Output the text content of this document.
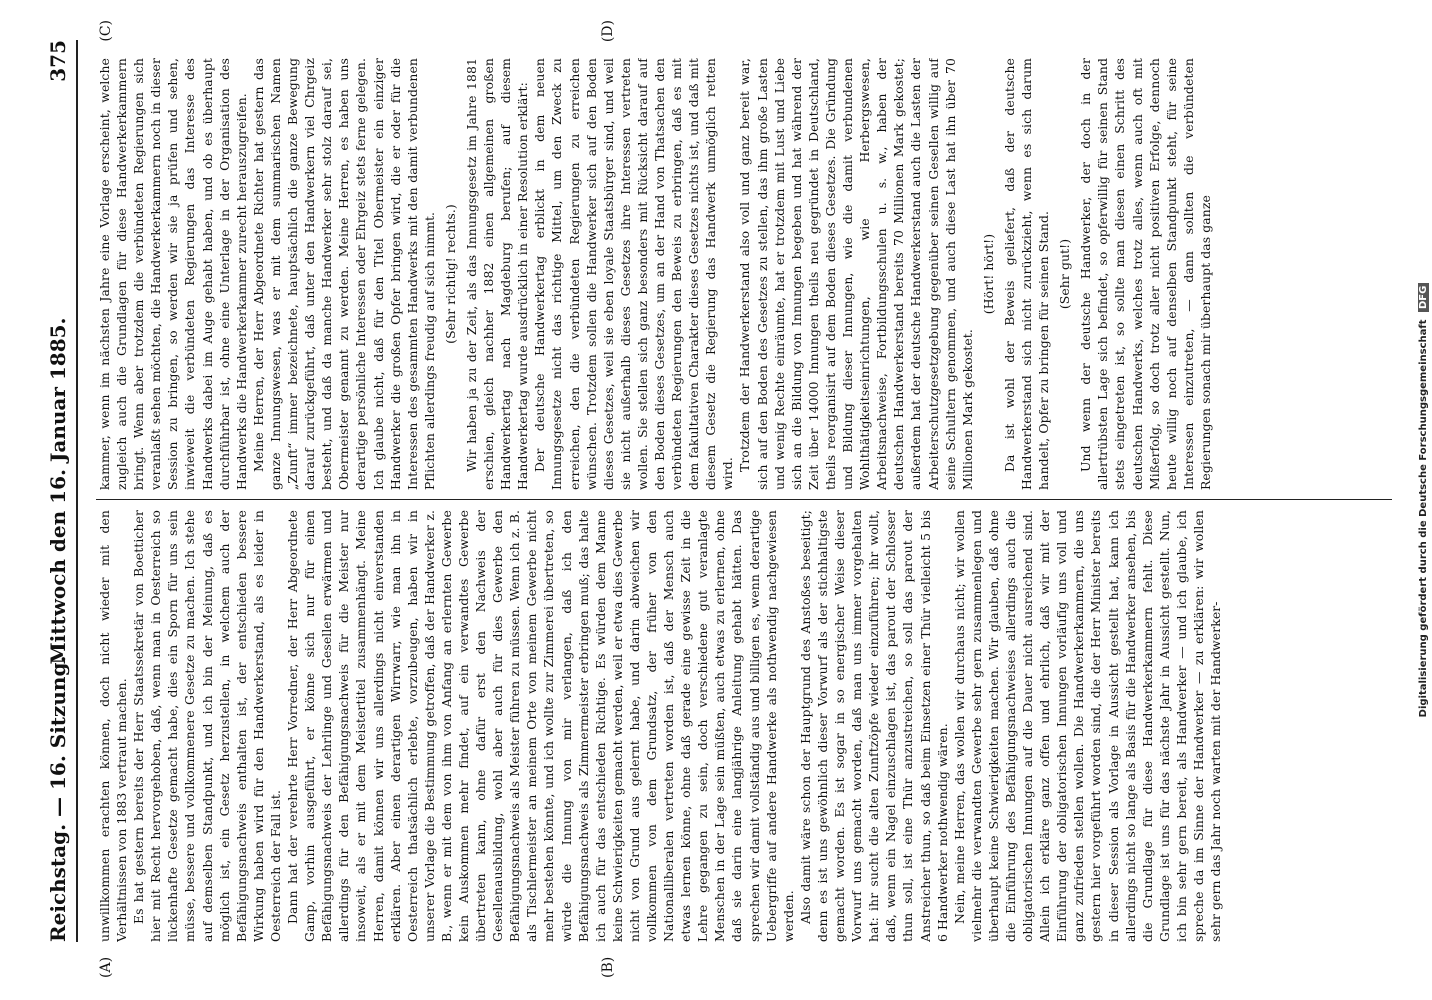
Reichstag. — 16. Sitzung.
Mittwoch den 16. Januar 1885.
375
(A)	(B)
(C)	(D)

unwillkommen erachten können, doch nicht wieder mit den Verhältnissen von 1883 vertraut machen. Es hat gestern bereits der Herr Staatssekretär von Boetticher hier mit Recht hervorgehoben, daß, wenn man in Oesterreich so lückenhafte Gesetze gemacht habe, dies ein Sporn für uns sein müsse, bessere und vollkommenere Gesetze zu machen. Ich stehe auf demselben Standpunkt, und ich bin der Meinung, daß es möglich ist, ein Gesetz herzustellen, in welchem auch der Befähigungsnachweis enthalten ist, der entschieden bessere Wirkung haben wird für den Handwerkerstand, als es leider in Oesterreich der Fall ist. Dann hat der verehrte Herr Vorredner, der Herr Abgeordnete Gamp, vorhin ausgeführt, er könne sich nur für einen Befähigungsnachweis der Lehrlinge und Gesellen erwärmen und allerdings für den Befähigungsnachweis für die Meister nur insoweit, als er mit dem Meistertitel zusammenhängt. Meine Herren, damit können wir uns allerdings nicht einverstanden erklären. Aber einen derartigen Wirrwarr, wie man ihn in Oesterreich thatsächlich erlebte, vorzubeugen, haben wir in unserer Vorlage die Bestimmung getroffen, daß der Handwerker z. B., wenn er mit dem von ihm von Anfang an erlernten Gewerbe kein Auskommen mehr findet, auf ein verwandtes Gewerbe übertreten kann, ohne dafür erst den Nachweis der Gesellenausbildung, wohl aber auch für dies Gewerbe den Befähigungsnachweis als Meister führen zu müssen. Wenn ich z. B. als Tischlermeister an meinem Orte von meinem Gewerbe nicht mehr bestehen könnte, und ich wollte zur Zimmerei übertreten, so würde die Innung von mir verlangen, daß ich den Befähigungsnachweis als Zimmermeister erbringen muß; das halte ich auch für das entschieden Richtige. Es würden dem Manne keine Schwierigkeiten gemacht werden, weil er etwa dies Gewerbe nicht von Grund aus gelernt habe, und darin abweichen wir vollkommen von dem Grundsatz, der früher von den Nationalliberalen vertreten worden ist, daß der Mensch auch etwas lernen könne, ohne daß gerade eine gewisse Zeit in die Lehre gegangen zu sein, doch verschiedene gut veranlagte Menschen in der Lage sein müßten, auch etwas zu erlernen, ohne daß sie darin eine langjährige Anleitung gehabt hätten. Das sprechen wir damit vollständig aus und billigen es, wenn derartige Uebergriffe auf andere Handwerke als nothwendig nachgewiesen werden. Also damit wäre schon der Hauptgrund des Anstoßes beseitigt; denn es ist uns gewöhnlich dieser Vorwurf als der stichhaltigste gemacht worden. Es ist sogar in so energischer Weise dieser Vorwurf uns gemacht worden, daß man uns immer vorgehalten hat: ihr sucht die alten Zunftzöpfe wieder einzuführen; ihr wollt, daß, wenn ein Nagel einzuschlagen ist, das parout der Schlosser thun soll, ist eine Thür anzustreichen, so soll das parout der Anstreicher thun, so daß beim Einsetzen einer Thür vielleicht 5 bis 6 Handwerker nothwendig wären. Nein, meine Herren, das wollen wir durchaus nicht; wir wollen vielmehr die verwandten Gewerbe sehr gern zusammenlegen und überhaupt keine Schwierigkeiten machen. Wir glauben, daß ohne die Einführung des Befähigungsnachweises allerdings auch die obligatorischen Innungen auf die Dauer nicht ausreichend sind. Allein ich erkläre ganz offen und ehrlich, daß wir mit der Einführung der obligatorischen Innungen vorläufig uns voll und ganz zufrieden stellen wollen. Die Handwerkerkammern, die uns gestern hier vorgeführt worden sind, die der Herr Minister bereits in dieser Session als Vorlage in Aussicht gestellt hat, kann ich allerdings nicht so lange als Basis für die Handwerker ansehen, bis die Grundlage für diese Handwerkerkammern fehlt. Diese Grundlage ist uns für das nächste Jahr in Aussicht gestellt. Nun, ich bin sehr gern bereit, als Handwerker — und ich glaube, ich spreche da im Sinne der Handwerker — zu erklären: wir wollen sehr gern das Jahr noch warten mit der Handwerker-

kammer, wenn im nächsten Jahre eine Vorlage erscheint, welche zugleich auch die Grundlagen für diese Handwerkerkammern bringt. Wenn aber trotzdem die verbündeten Regierungen sich veranlaßt sehen möchten, die Handwerkerkammern noch in dieser Session zu bringen, so werden wir sie ja prüfen und sehen, inwieweit die verbündeten Regierungen das Interesse des Handwerks dabei im Auge gehabt haben, und ob es überhaupt durchführbar ist, ohne eine Unterlage in der Organisation des Handwerks die Handwerkerkammer zurecht herauszugreifen. Meine Herren, der Herr Abgeordnete Richter hat gestern das ganze Innungswesen, was er mit dem summarischen Namen „Zunft“ immer bezeichnete, hauptsächlich die ganze Bewegung darauf zurückgeführt, daß unter den Handwerkern viel Chrgeiz besteht, und daß da manche Handwerker sehr stolz darauf sei, Obermeister genannt zu werden. Meine Herren, es haben uns derartige persönliche Interessen oder Ehrgeiz stets ferne gelegen. Ich glaube nicht, daß für den Titel Obermeister ein einziger Handwerker die großen Opfer bringen wird, die er oder für die Interessen des gesammten Handwerks mit den damit verbundenen Pflichten allerdings freudig auf sich nimmt. (Sehr richtig! rechts.) Wir haben ja zu der Zeit, als das Innungsgesetz im Jahre 1881 erschien, gleich nachher 1882 einen allgemeinen großen Handwerkertag nach Magdeburg berufen; auf diesem Handwerkertag wurde ausdrücklich in einer Resolution erklärt: Der deutsche Handwerkertag erblickt in dem neuen Innungsgesetze nicht das richtige Mittel, um den Zweck zu erreichen, den die verbündeten Regierungen zu erreichen wünschen. Trotzdem sollen die Handwerker sich auf den Boden dieses Gesetzes, weil sie eben loyale Staatsbürger sind, und weil sie nicht außerhalb dieses Gesetzes ihre Interessen vertreten wollen. Sie stellen sich ganz besonders mit Rücksicht darauf auf den Boden dieses Gesetzes, um an der Hand von Thatsachen den verbündeten Regierungen den Beweis zu erbringen, daß es mit dem fakultativen Charakter dieses Gesetzes nichts ist, und daß mit diesem Gesetz die Regierung das Handwerk unmöglich retten wird.

Trotzdem der Handwerkerstand also voll und ganz bereit war, sich auf den Boden des Gesetzes zu stellen, das ihm große Lasten und wenig Rechte einräumte, hat er trotzdem mit Lust und Liebe sich an die Bildung von Innungen begeben und hat während der Zeit über 14000 Innungen theils neu gegründet in Deutschland, theils reorganisirt auf dem Boden dieses Gesetzes. Die Gründung und Bildung dieser Innungen, wie die damit verbundenen Wohlthätigkeitseinrichtungen, wie Herbergswesen, Arbeitsnachweise, Fortbildungsschulen u. s. w., haben der deutschen Handwerkerstand bereits 70 Millionen Mark gekostet; außerdem hat der deutsche Handwerkerstand auch die Lasten der Arbeiterschutzgesetzgebung gegenüber seinen Gesellen willig auf seine Schultern genommen, und auch diese Last hat ihn über 70 Millionen Mark gekostet.

(Hört! hört!) Da ist wohl der Beweis geliefert, daß der deutsche Handwerkerstand sich nicht zurückzieht, wenn es sich darum handelt, Opfer zu bringen für seinen Stand. (Sehr gut!) Und wenn der deutsche Handwerker, der doch in der allertrübsten Lage sich befindet, so opferwillig für seinen Stand stets eingetreten ist, so sollte man diesen einen Schritt des deutschen Handwerks, welches trotz alles, wenn auch oft mit Mißerfolg, so doch trotz aller nicht positiven Erfolge, dennoch heute willig noch auf denselben Standpunkt steht, für seine Interessen einzutreten, — dann sollten die verbündeten Regierungen sonach mir überhaupt das ganze	Digitalisierung gefördert durch die Deutsche Forschungsgemeinschaft DFG
